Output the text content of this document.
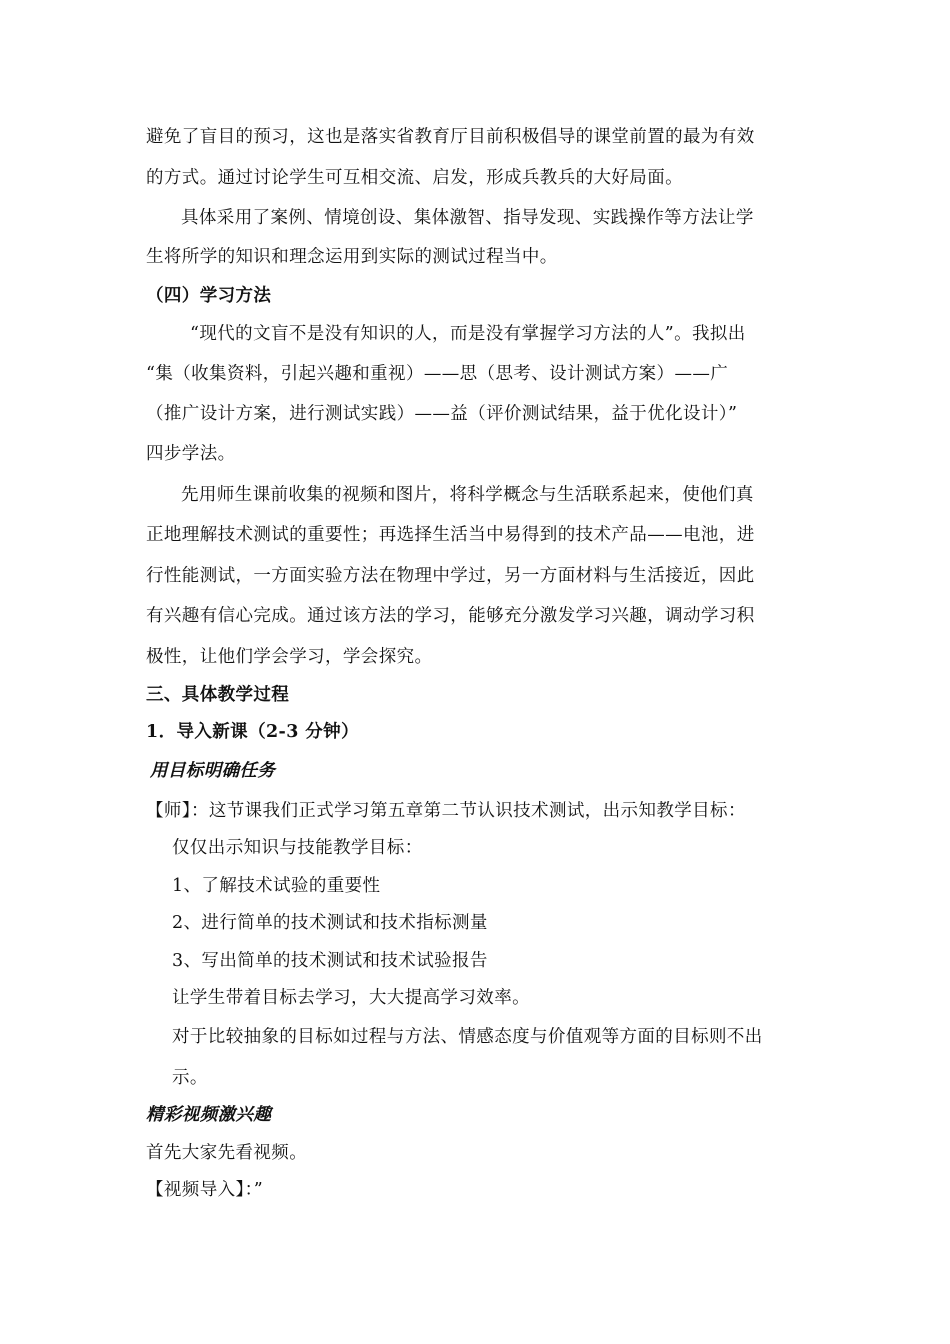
避免了盲目的预习，这也是落实省教育厅目前积极倡导的课堂前置的最为有效
的方式。通过讨论学生可互相交流、启发，形成兵教兵的大好局面。
具体采用了案例、情境创设、集体激智、指导发现、实践操作等方法让学
生将所学的知识和理念运用到实际的测试过程当中。
（四）学习方法
“现代的文盲不是没有知识的人，而是没有掌握学习方法的人”。我拟出
“集（收集资料，引起兴趣和重视）——思（思考、设计测试方案）——广
（推广设计方案，进行测试实践）——益（评价测试结果，益于优化设计）”
四步学法。
先用师生课前收集的视频和图片，将科学概念与生活联系起来，使他们真
正地理解技术测试的重要性；再选择生活当中易得到的技术产品——电池，进
行性能测试，一方面实验方法在物理中学过，另一方面材料与生活接近，因此
有兴趣有信心完成。通过该方法的学习，能够充分激发学习兴趣，调动学习积
极性，让他们学会学习，学会探究。
三、具体教学过程
1．导入新课（2-3 分钟）
用目标明确任务
【师】：这节课我们正式学习第五章第二节认识技术测试，出示知教学目标：
仅仅出示知识与技能教学目标：
1、了解技术试验的重要性
2、进行简单的技术测试和技术指标测量
3、写出简单的技术测试和技术试验报告
让学生带着目标去学习，大大提高学习效率。
对于比较抽象的目标如过程与方法、情感态度与价值观等方面的目标则不出
示。
精彩视频激兴趣
首先大家先看视频。
【视频导入】：”
